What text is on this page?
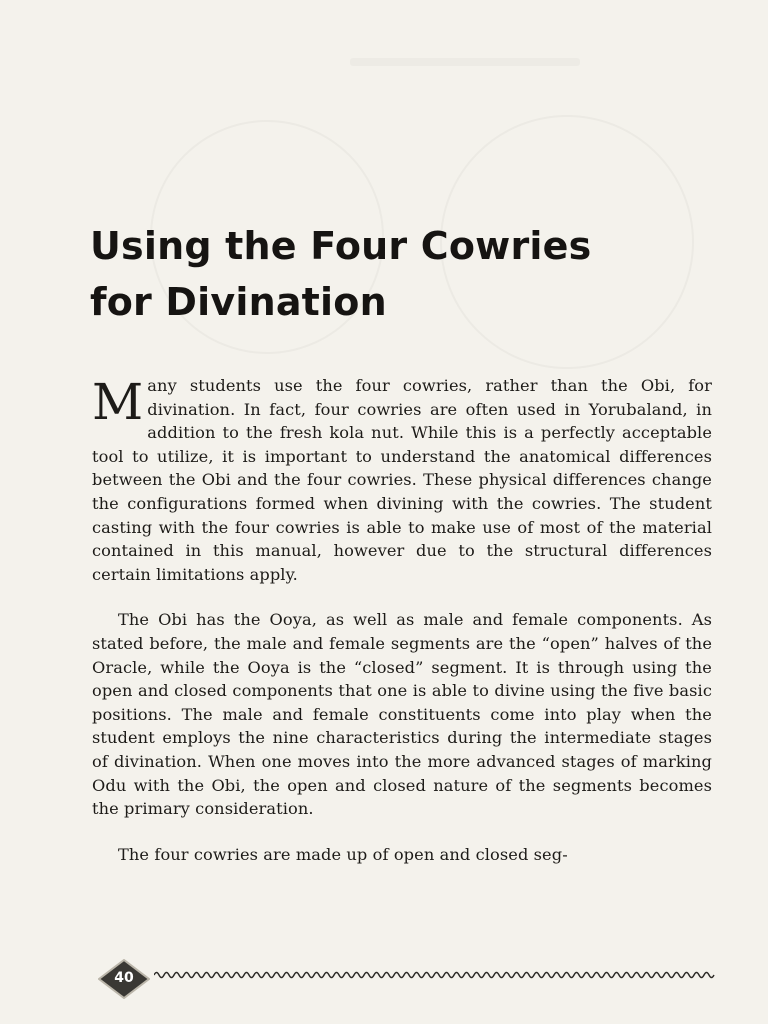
Using the Four Cowries
for Divination

Many students use the four cowries, rather than the Obi, for divination. In fact, four cowries are often used in Yorubaland, in addition to the fresh kola nut. While this is a perfectly acceptable tool to utilize, it is important to understand the anatomical differences between the Obi and the four cowries. These physical differences change the configurations formed when divining with the cowries. The student casting with the four cowries is able to make use of most of the material contained in this manual, however due to the structural differences certain limitations apply.

The Obi has the Ooya, as well as male and female components. As stated before, the male and female segments are the “open” halves of the Oracle, while the Ooya is the “closed” segment. It is through using the open and closed components that one is able to divine using the five basic positions. The male and female constituents come into play when the student employs the nine characteristics during the intermediate stages of divination. When one moves into the more advanced stages of marking Odu with the Obi, the open and closed nature of the segments becomes the primary consideration.

The four cowries are made up of open and closed seg-

40
